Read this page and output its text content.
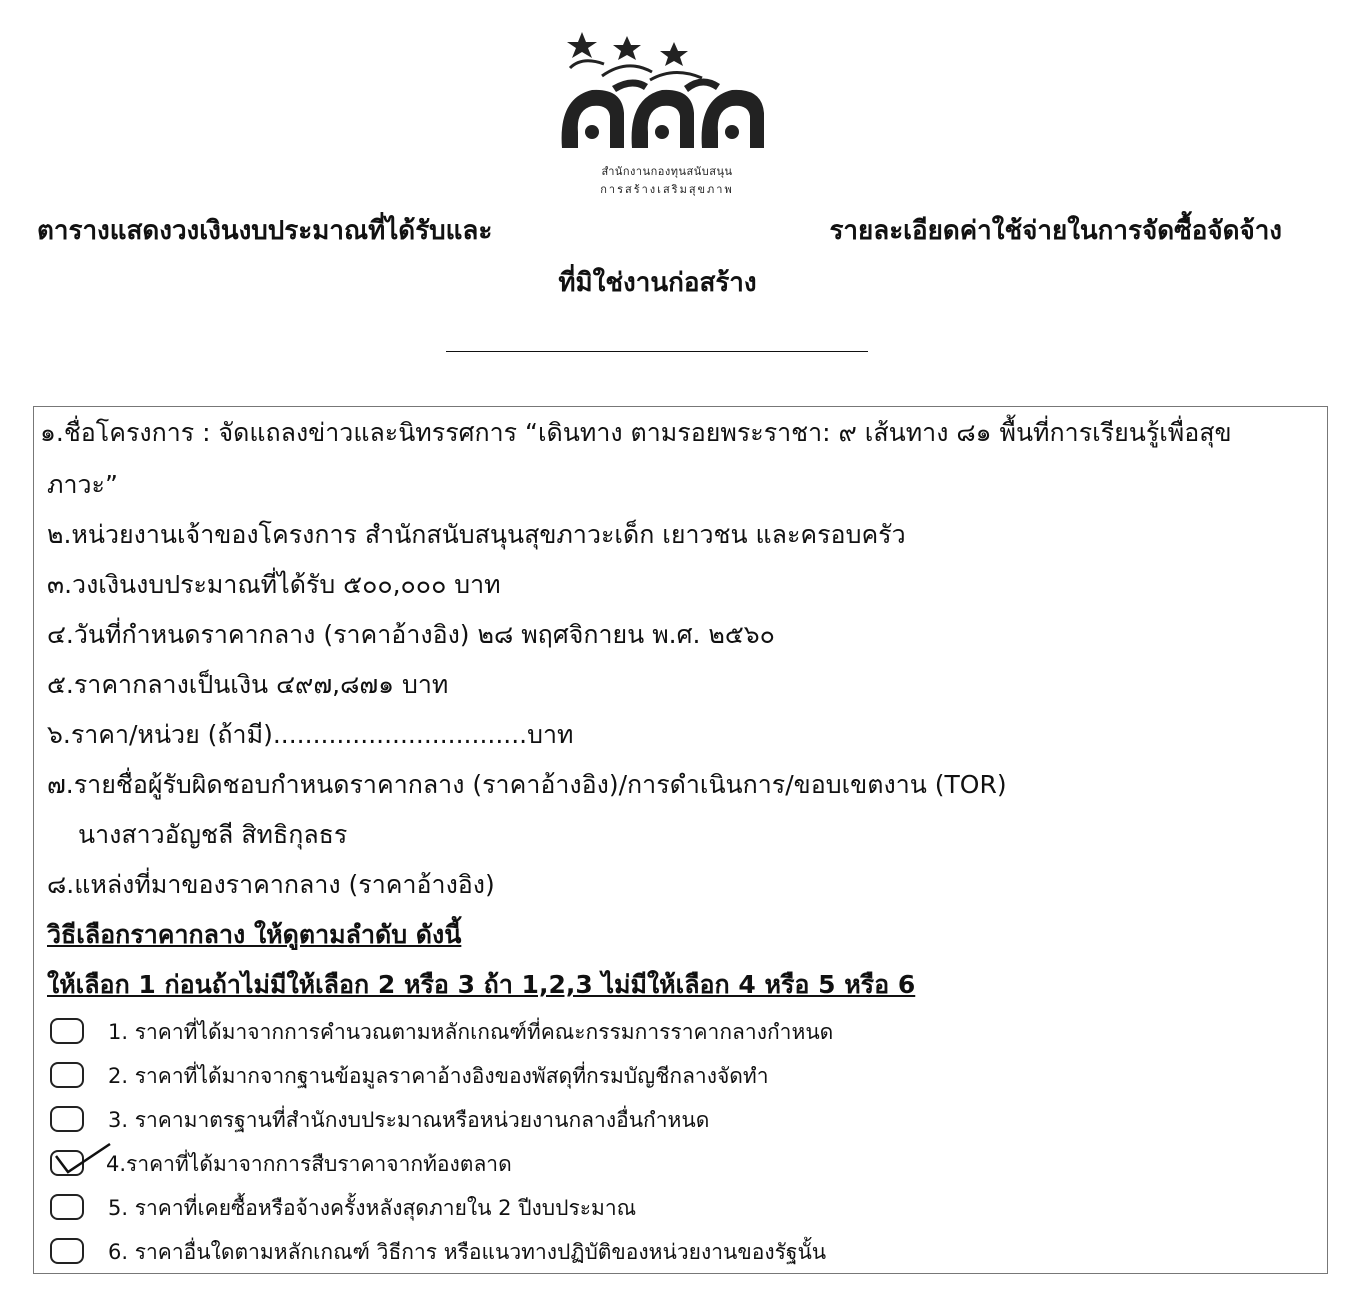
สำนักงานกองทุนสนับสนุน
การสร้างเสริมสุขภาพ
ตารางแสดงวงเงินงบประมาณที่ได้รับและ	รายละเอียดค่าใช้จ่ายในการจัดซื้อจัดจ้าง
ที่มิใช่งานก่อสร้าง
๑.ชื่อโครงการ : จัดแถลงข่าวและนิทรรศการ “เดินทาง ตามรอยพระราชา: ๙ เส้นทาง ๘๑ พื้นที่การเรียนรู้เพื่อสุข
ภาวะ”
๒.หน่วยงานเจ้าของโครงการ สำนักสนับสนุนสุขภาวะเด็ก เยาวชน และครอบครัว
๓.วงเงินงบประมาณที่ได้รับ ๕๐๐,๐๐๐ บาท
๔.วันที่กำหนดราคากลาง (ราคาอ้างอิง) ๒๘ พฤศจิกายน พ.ศ. ๒๕๖๐
๕.ราคากลางเป็นเงิน ๔๙๗,๘๗๑ บาท
๖.ราคา/หน่วย (ถ้ามี)................................บาท
๗.รายชื่อผู้รับผิดชอบกำหนดราคากลาง (ราคาอ้างอิง)/การดำเนินการ/ขอบเขตงาน (TOR)
นางสาวอัญชลี สิทธิกุลธร
๘.แหล่งที่มาของราคากลาง (ราคาอ้างอิง)
วิธีเลือกราคากลาง ให้ดูตามลำดับ ดังนี้
ให้เลือก 1 ก่อนถ้าไม่มีให้เลือก 2 หรือ 3 ถ้า 1,2,3 ไม่มีให้เลือก 4 หรือ 5 หรือ 6
1. ราคาที่ได้มาจากการคำนวณตามหลักเกณฑ์ที่คณะกรรมการราคากลางกำหนด
2. ราคาที่ได้มากจากฐานข้อมูลราคาอ้างอิงของพัสดุที่กรมบัญชีกลางจัดทำ
3. ราคามาตรฐานที่สำนักงบประมาณหรือหน่วยงานกลางอื่นกำหนด
4.ราคาที่ได้มาจากการสืบราคาจากท้องตลาด
5. ราคาที่เคยซื้อหรือจ้างครั้งหลังสุดภายใน 2 ปีงบประมาณ
6. ราคาอื่นใดตามหลักเกณฑ์ วิธีการ หรือแนวทางปฏิบัติของหน่วยงานของรัฐนั้น
